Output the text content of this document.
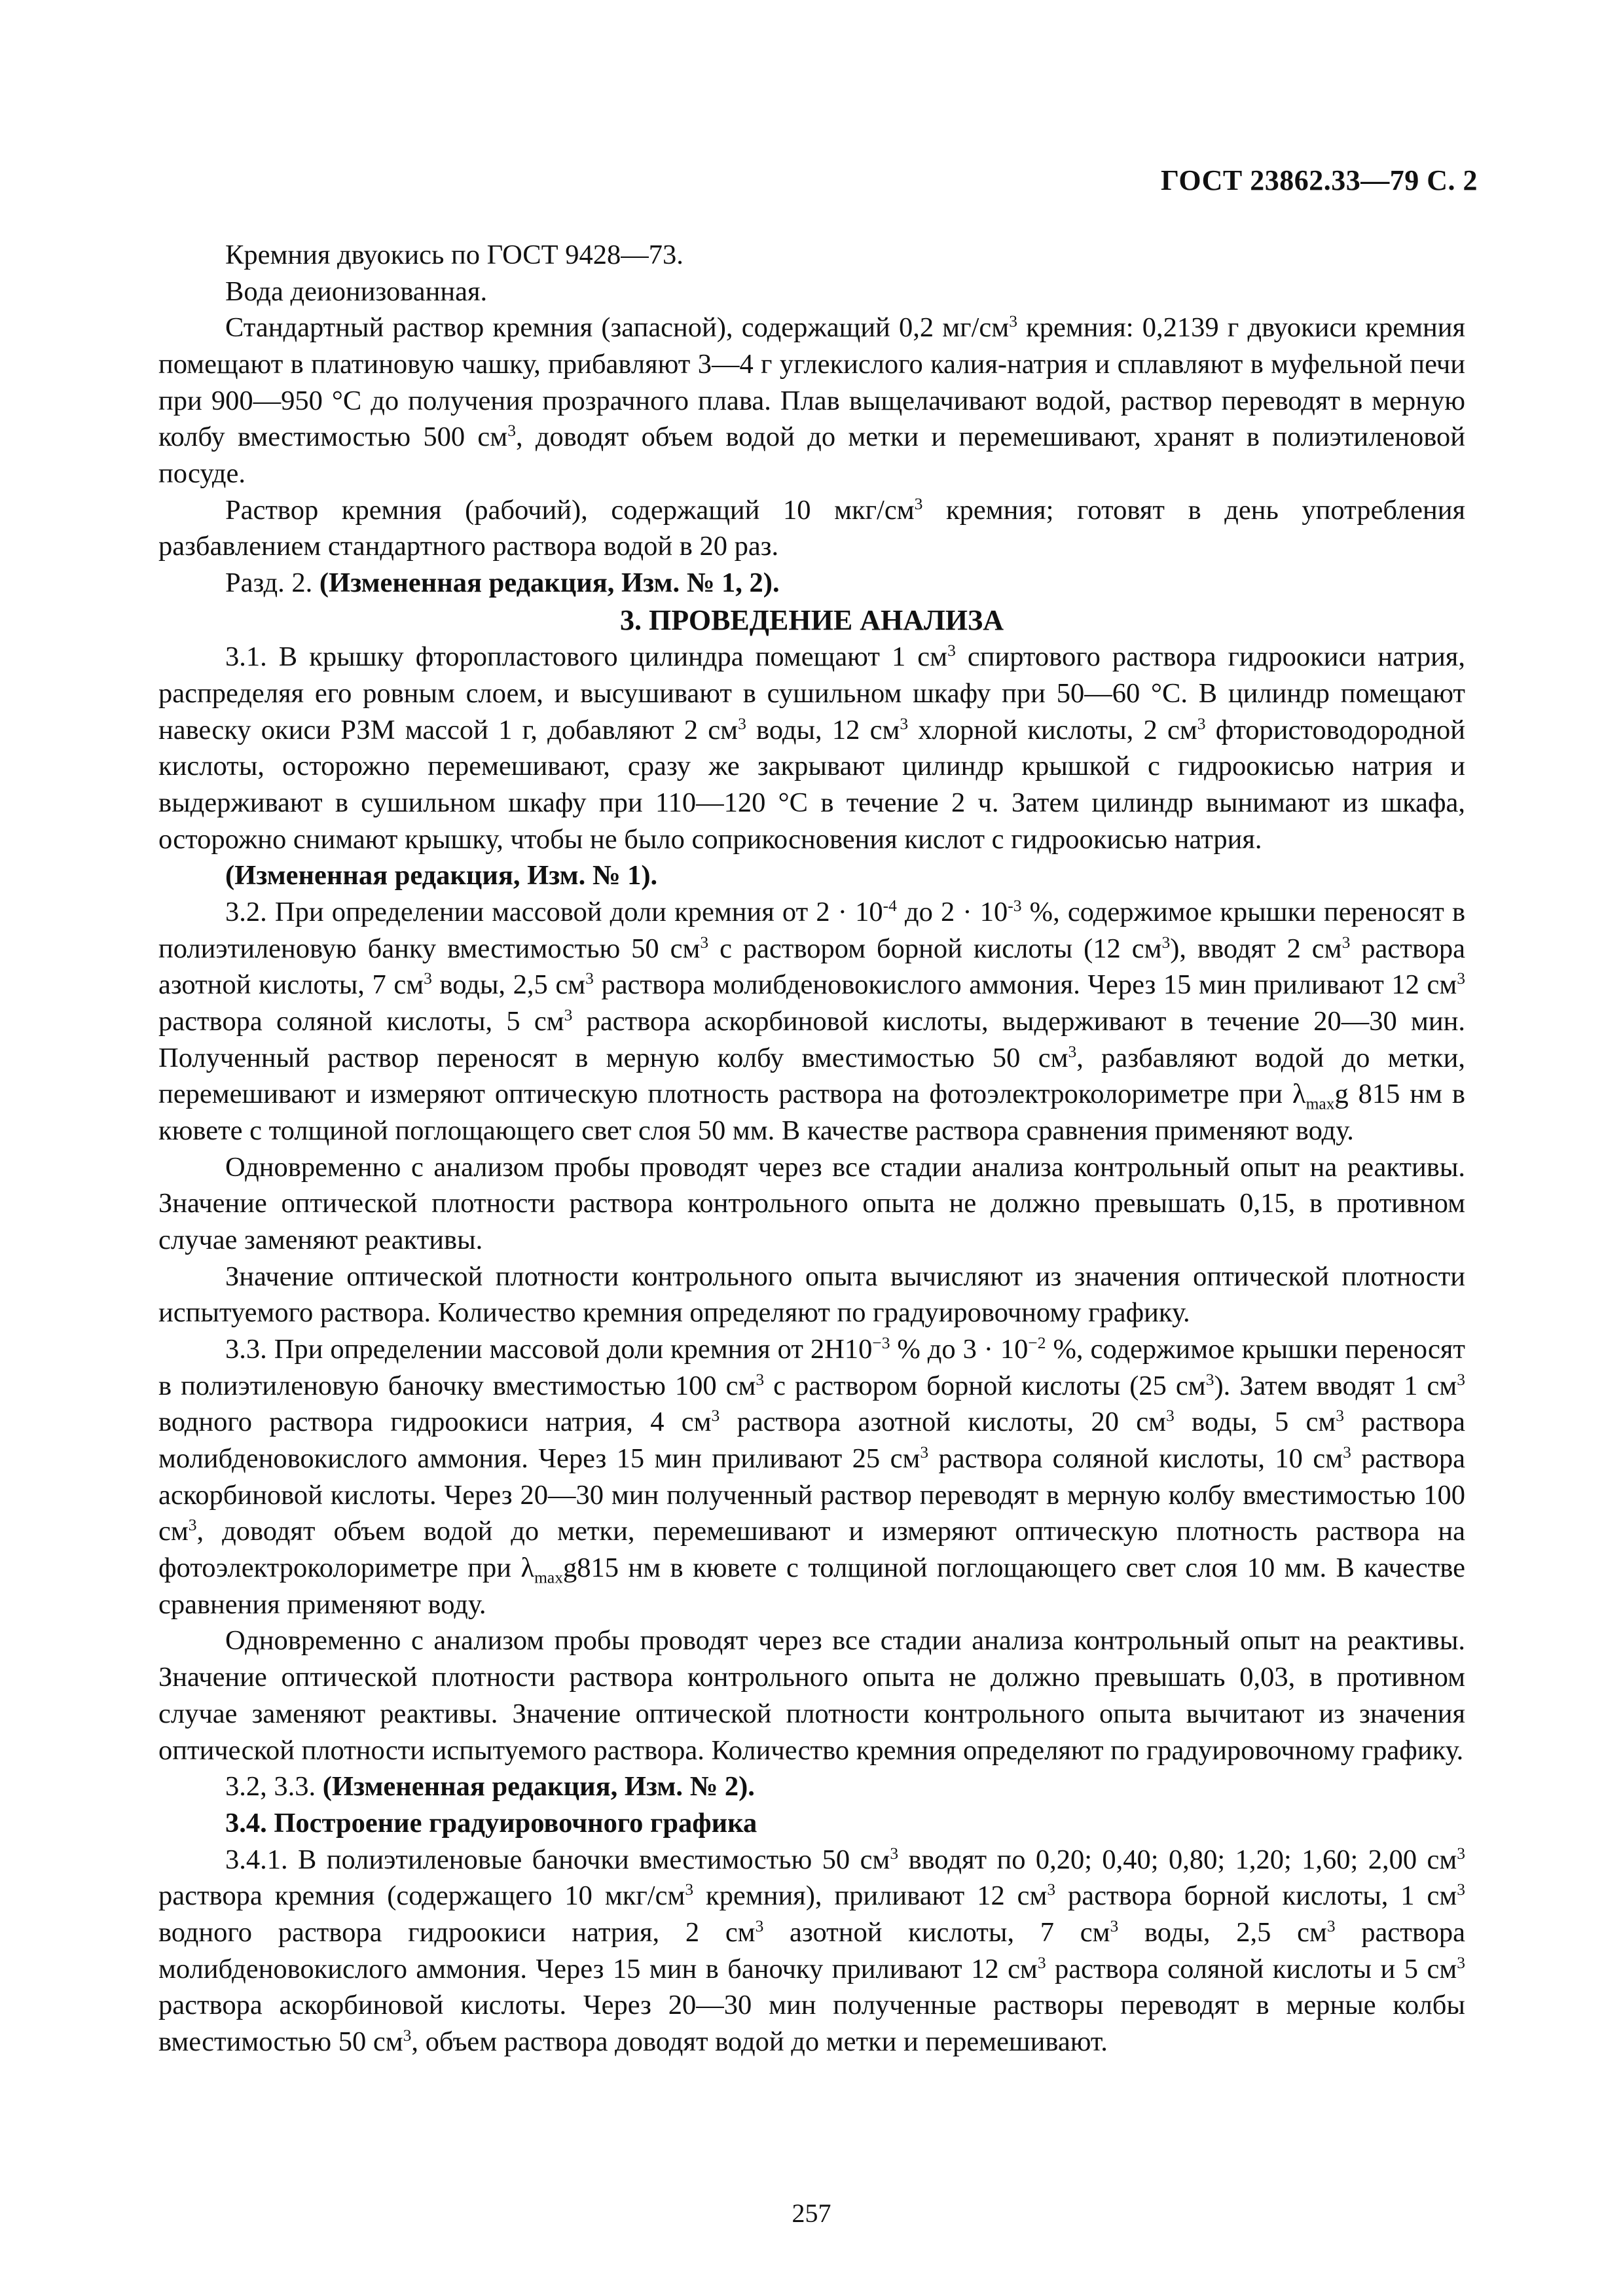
ГОСТ 23862.33—79 С. 2

Кремния двуокись по ГОСТ 9428—73.

Вода деионизованная.

Стандартный раствор кремния (запасной), содержащий 0,2 $мг/см^3$ кремния: 0,2139 г двуокиси кремния помещают в платиновую чашку, прибавляют 3—4 г углекислого калия-натрия и сплавляют в муфельной печи при 900—950 °С до получения прозрачного плава. Плав выщелачивают водой, раствор переводят в мерную колбу вместимостью 500 $см^3$, доводят объем водой до метки и перемешивают, хранят в полиэтиленовой посуде.

Раствор кремния (рабочий), содержащий 10 мкг/$см^3$ кремния; готовят в день употребления разбавлением стандартного раствора водой в 20 раз.

Разд. 2. (Измененная редакция, Изм. № 1, 2).

3. ПРОВЕДЕНИЕ АНАЛИЗА

3.1. В крышку фторопластового цилиндра помещают 1 $см^3$ спиртового раствора гидроокиси натрия, распределяя его ровным слоем, и высушивают в сушильном шкафу при 50—60 °С. В цилиндр помещают навеску окиси РЗМ массой 1 г, добавляют 2 $см^3$ воды, 12 $см^3$ хлорной кислоты, 2 $см^3$ фтористоводородной кислоты, осторожно перемешивают, сразу же закрывают цилиндр крышкой с гидроокисью натрия и выдерживают в сушильном шкафу при 110—120 °С в течение 2 ч. Затем цилиндр вынимают из шкафа, осторожно снимают крышку, чтобы не было соприкосновения кислот с гидроокисью натрия.

(Измененная редакция, Изм. № 1).

3.2. При определении массовой доли кремния от $2 \cdot 10^{-4}$ до $2 \cdot 10^{-3}$ %, содержимое крышки переносят в полиэтиленовую банку вместимостью 50 $см^3$ с раствором борной кислоты (12 $см^3$), вводят 2 $см^3$ раствора азотной кислоты, 7 $см^3$ воды, 2,5 $см^3$ раствора молибденовокислого аммония. Через 15 мин приливают 12 $см^3$ раствора соляной кислоты, 5 $см^3$ раствора аскорбиновой кислоты, выдерживают в течение 20—30 мин. Полученный раствор переносят в мерную колбу вместимостью 50 $см^3$, разбавляют водой до метки, перемешивают и измеряют оптическую плотность раствора на фотоэлектроколориметре при $\lambda_{max}g$ 815 нм в кювете с толщиной поглощающего свет слоя 50 мм. В качестве раствора сравнения применяют воду.

Одновременно с анализом пробы проводят через все стадии анализа контрольный опыт на реактивы. Значение оптической плотности раствора контрольного опыта не должно превышать 0,15, в противном случае заменяют реактивы.

Значение оптической плотности контрольного опыта вычисляют из значения оптической плотности испытуемого раствора. Количество кремния определяют по градуировочному графику.

3.3. При определении массовой доли кремния от $2Н10^{-3}$ % до $3 \cdot 10^{-2}$ %, содержимое крышки переносят в полиэтиленовую баночку вместимостью 100 $см^3$ с раствором борной кислоты (25 $см^3$). Затем вводят 1 $см^3$ водного раствора гидроокиси натрия, 4 $см^3$ раствора азотной кислоты, 20 $см^3$ воды, 5 $см^3$ раствора молибденовокислого аммония. Через 15 мин приливают 25 $см^3$ раствора соляной кислоты, 10 $см^3$ раствора аскорбиновой кислоты. Через 20—30 мин полученный раствор переводят в мерную колбу вместимостью 100 $см^3$, доводят объем водой до метки, перемешивают и измеряют оптическую плотность раствора на фотоэлектроколориметре при $\lambda_{max}g815$ нм в кювете с толщиной поглощающего свет слоя 10 мм. В качестве сравнения применяют воду.

Одновременно с анализом пробы проводят через все стадии анализа контрольный опыт на реактивы. Значение оптической плотности раствора контрольного опыта не должно превышать 0,03, в противном случае заменяют реактивы. Значение оптической плотности контрольного опыта вычитают из значения оптической плотности испытуемого раствора. Количество кремния определяют по градуировочному графику.

3.2, 3.3. (Измененная редакция, Изм. № 2).

3.4. Построение градуировочного графика

3.4.1. В полиэтиленовые баночки вместимостью 50 $см^3$ вводят по 0,20; 0,40; 0,80; 1,20; 1,60; 2,00 $см^3$ раствора кремния (содержащего 10 мкг/$см^3$ кремния), приливают 12 $см^3$ раствора борной кислоты, 1 $см^3$ водного раствора гидроокиси натрия, 2 $см^3$ азотной кислоты, 7 $см^3$ воды, 2,5 $см^3$ раствора молибденовокислого аммония. Через 15 мин в баночку приливают 12 $см^3$ раствора соляной кислоты и 5 $см^3$ раствора аскорбиновой кислоты. Через 20—30 мин полученные растворы переводят в мерные колбы вместимостью 50 $см^3$, объем раствора доводят водой до метки и перемешивают.

257
